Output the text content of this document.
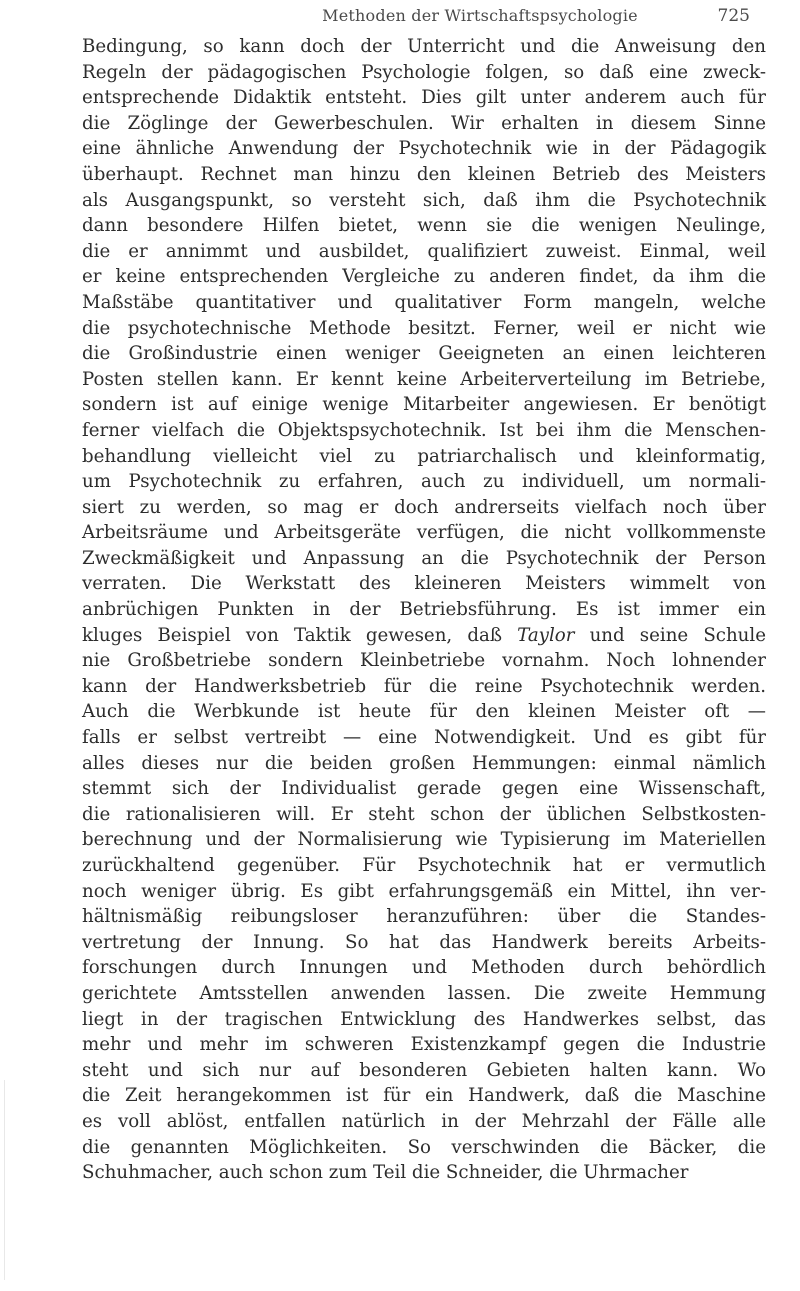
Methoden der Wirtschaftspsychologie	725
Bedingung, so kann doch der Unterricht und die Anweisung den
Regeln der pädagogischen Psychologie folgen, so daß eine zweck-
entsprechende Didaktik entsteht. Dies gilt unter anderem auch für
die Zöglinge der Gewerbeschulen. Wir erhalten in diesem Sinne
eine ähnliche Anwendung der Psychotechnik wie in der Pädagogik
überhaupt. Rechnet man hinzu den kleinen Betrieb des Meisters
als Ausgangspunkt, so versteht sich, daß ihm die Psychotechnik
dann besondere Hilfen bietet, wenn sie die wenigen Neulinge,
die er annimmt und ausbildet, qualifiziert zuweist. Einmal, weil
er keine entsprechenden Vergleiche zu anderen findet, da ihm die
Maßstäbe quantitativer und qualitativer Form mangeln, welche
die psychotechnische Methode besitzt. Ferner, weil er nicht wie
die Großindustrie einen weniger Geeigneten an einen leichteren
Posten stellen kann. Er kennt keine Arbeiterverteilung im Betriebe,
sondern ist auf einige wenige Mitarbeiter angewiesen. Er benötigt
ferner vielfach die Objektspsychotechnik. Ist bei ihm die Menschen-
behandlung vielleicht viel zu patriarchalisch und kleinformatig,
um Psychotechnik zu erfahren, auch zu individuell, um normali-
siert zu werden, so mag er doch andrerseits vielfach noch über
Arbeitsräume und Arbeitsgeräte verfügen, die nicht vollkommenste
Zweckmäßigkeit und Anpassung an die Psychotechnik der Person
verraten. Die Werkstatt des kleineren Meisters wimmelt von
anbrüchigen Punkten in der Betriebsführung. Es ist immer ein
kluges Beispiel von Taktik gewesen, daß Taylor und seine Schule
nie Großbetriebe sondern Kleinbetriebe vornahm. Noch lohnender
kann der Handwerksbetrieb für die reine Psychotechnik werden.
Auch die Werbkunde ist heute für den kleinen Meister oft —
falls er selbst vertreibt — eine Notwendigkeit. Und es gibt für
alles dieses nur die beiden großen Hemmungen: einmal nämlich
stemmt sich der Individualist gerade gegen eine Wissenschaft,
die rationalisieren will. Er steht schon der üblichen Selbstkosten-
berechnung und der Normalisierung wie Typisierung im Materiellen
zurückhaltend gegenüber. Für Psychotechnik hat er vermutlich
noch weniger übrig. Es gibt erfahrungsgemäß ein Mittel, ihn ver-
hältnismäßig reibungsloser heranzuführen: über die Standes-
vertretung der Innung. So hat das Handwerk bereits Arbeits-
forschungen durch Innungen und Methoden durch behördlich
gerichtete Amtsstellen anwenden lassen. Die zweite Hemmung
liegt in der tragischen Entwicklung des Handwerkes selbst, das
mehr und mehr im schweren Existenzkampf gegen die Industrie
steht und sich nur auf besonderen Gebieten halten kann. Wo
die Zeit herangekommen ist für ein Handwerk, daß die Maschine
es voll ablöst, entfallen natürlich in der Mehrzahl der Fälle alle
die genannten Möglichkeiten. So verschwinden die Bäcker, die
Schuhmacher, auch schon zum Teil die Schneider, die Uhrmacher
